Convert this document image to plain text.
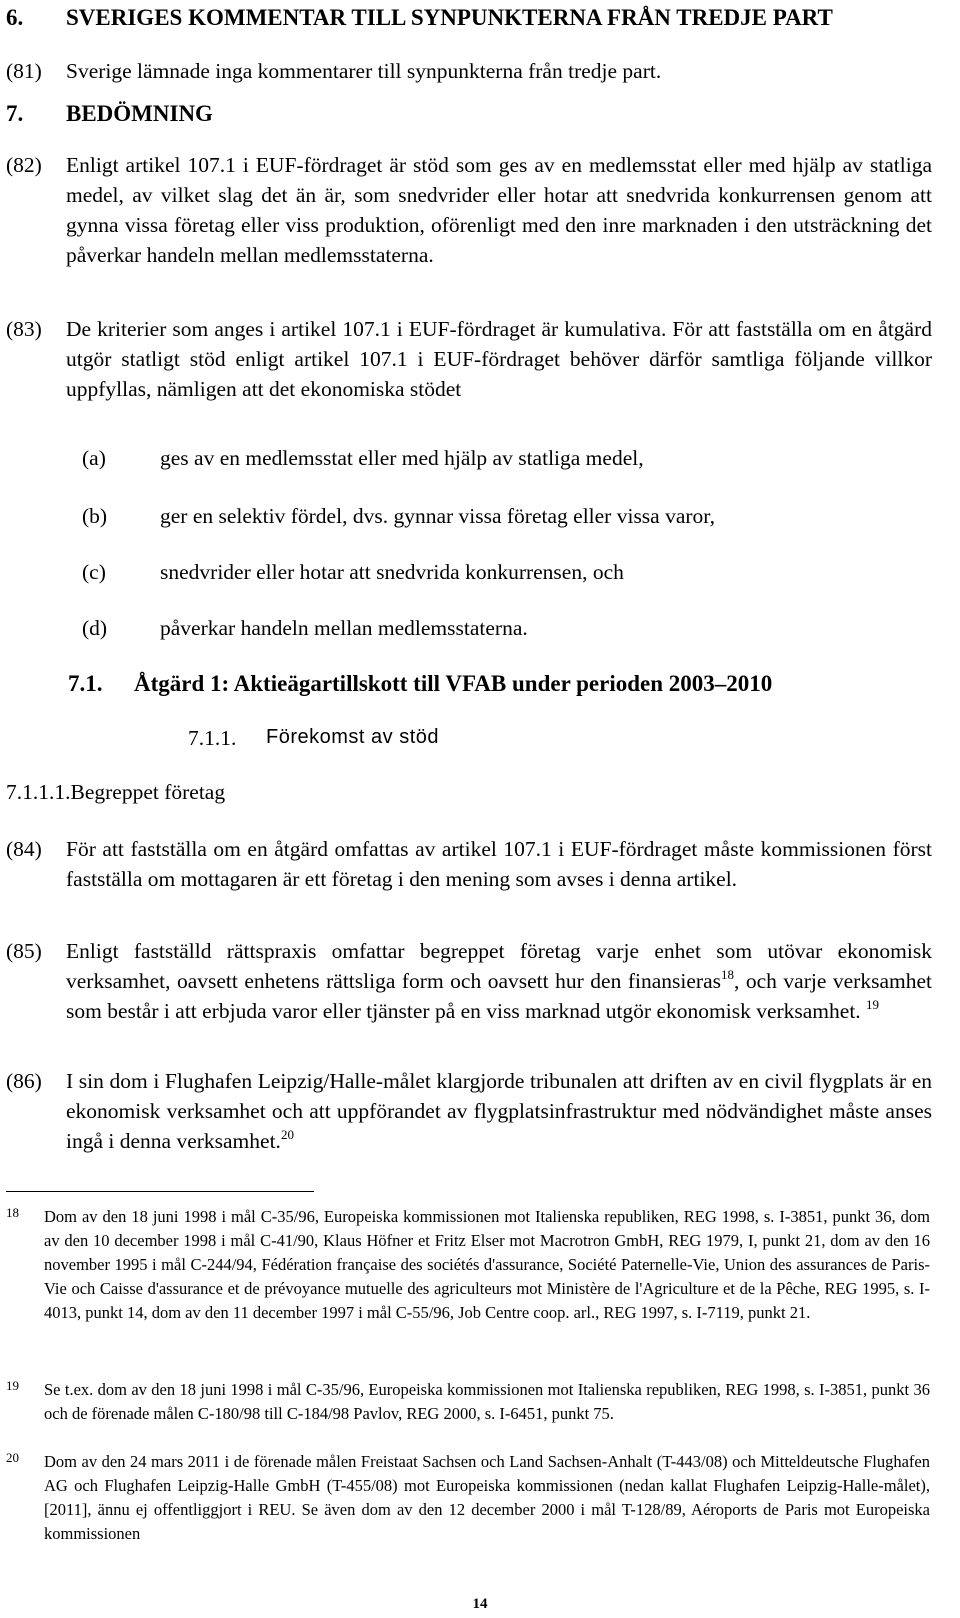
6. SVERIGES KOMMENTAR TILL SYNPUNKTERNA FRÅN TREDJE PART
(81) Sverige lämnade inga kommentarer till synpunkterna från tredje part.
7. BEDÖMNING
(82) Enligt artikel 107.1 i EUF-fördraget är stöd som ges av en medlemsstat eller med hjälp av statliga medel, av vilket slag det än är, som snedvrider eller hotar att snedvrida konkurrensen genom att gynna vissa företag eller viss produktion, oförenligt med den inre marknaden i den utsträckning det påverkar handeln mellan medlemsstaterna.
(83) De kriterier som anges i artikel 107.1 i EUF-fördraget är kumulativa. För att fastställa om en åtgärd utgör statligt stöd enligt artikel 107.1 i EUF-fördraget behöver därför samtliga följande villkor uppfyllas, nämligen att det ekonomiska stödet
(a)	ges av en medlemsstat eller med hjälp av statliga medel,
(b) ger en selektiv fördel, dvs. gynnar vissa företag eller vissa varor,
(c)	snedvrider eller hotar att snedvrida konkurrensen, och
(d) påverkar handeln mellan medlemsstaterna.
7.1. Åtgärd 1: Aktieägartillskott till VFAB under perioden 2003–2010
7.1.1. Förekomst av stöd
7.1.1.1.Begreppet företag
(84) För att fastställa om en åtgärd omfattas av artikel 107.1 i EUF-fördraget måste kommissionen först fastställa om mottagaren är ett företag i den mening som avses i denna artikel.
(85) Enligt fastställd rättspraxis omfattar begreppet företag varje enhet som utövar ekonomisk verksamhet, oavsett enhetens rättsliga form och oavsett hur den finansieras$^{18}$, och varje verksamhet som består i att erbjuda varor eller tjänster på en viss marknad utgör ekonomisk verksamhet. $^{19}$
(86) I sin dom i Flughafen Leipzig/Halle-målet klargjorde tribunalen att driften av en civil flygplats är en ekonomisk verksamhet och att uppförandet av flygplatsinfrastruktur med nödvändighet måste anses ingå i denna verksamhet.$^{20}$
18 Dom av den 18 juni 1998 i mål C-35/96, Europeiska kommissionen mot Italienska republiken, REG 1998, s. I-3851, punkt 36, dom av den 10 december 1998 i mål C-41/90, Klaus Höfner et Fritz Elser mot Macrotron GmbH, REG 1979, I, punkt 21, dom av den 16 november 1995 i mål C-244/94, Fédération française des sociétés d'assurance, Société Paternelle-Vie, Union des assurances de Paris-Vie och Caisse d'assurance et de prévoyance mutuelle des agriculteurs mot Ministère de l'Agriculture et de la Pêche, REG 1995, s. I-4013, punkt 14, dom av den 11 december 1997 i mål C-55/96, Job Centre coop. arl., REG 1997, s. I-7119, punkt 21.
19 Se t.ex. dom av den 18 juni 1998 i mål C-35/96, Europeiska kommissionen mot Italienska republiken, REG 1998, s. I-3851, punkt 36 och de förenade målen C-180/98 till C-184/98 Pavlov, REG 2000, s. I-6451, punkt 75.
20 Dom av den 24 mars 2011 i de förenade målen Freistaat Sachsen och Land Sachsen-Anhalt (T-443/08) och Mitteldeutsche Flughafen AG och Flughafen Leipzig-Halle GmbH (T-455/08) mot Europeiska kommissionen (nedan kallat Flughafen Leipzig-Halle-målet), [2011], ännu ej offentliggjort i REU. Se även dom av den 12 december 2000 i mål T-128/89, Aéroports de Paris mot Europeiska kommissionen
14
